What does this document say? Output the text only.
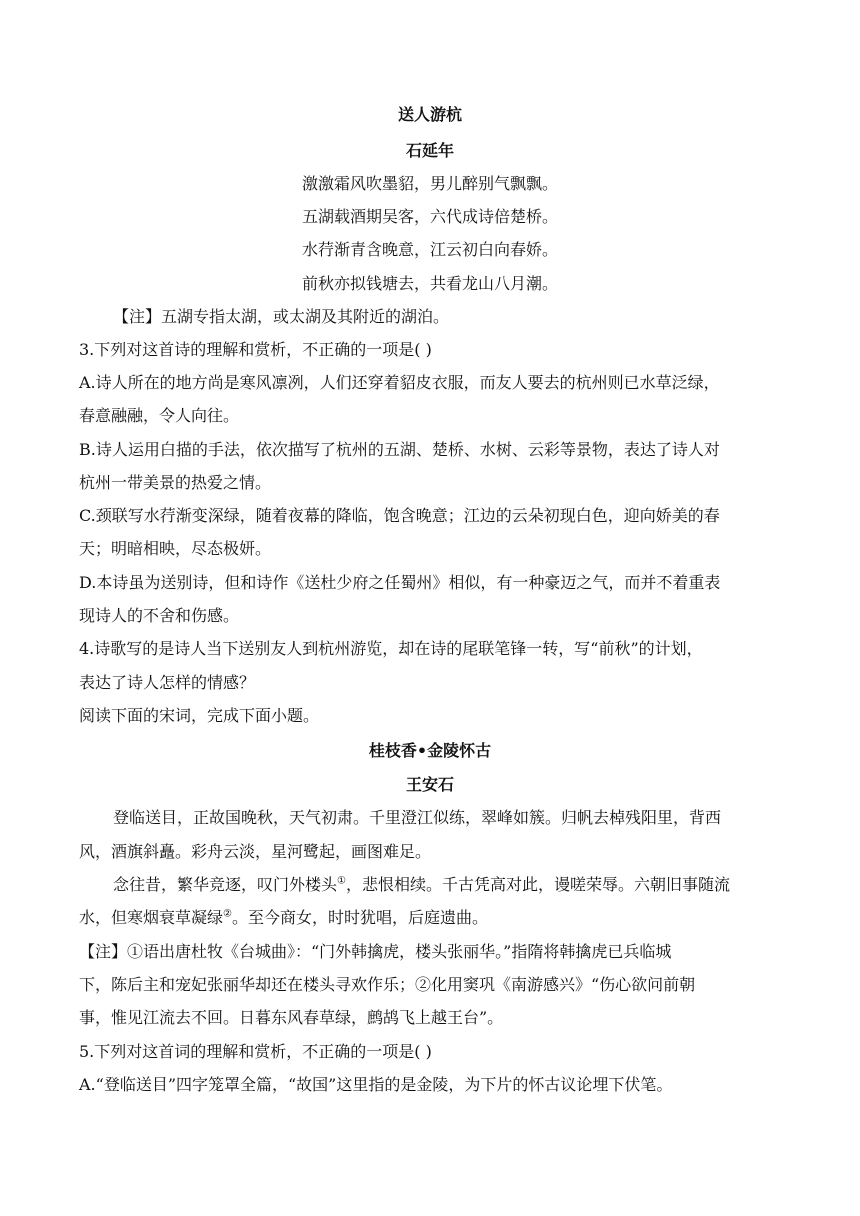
送人游杭
石延年
激激霜风吹墨貂，男儿醉别气飘飘。
五湖载酒期吴客，六代成诗倍楚桥。
水荇渐青含晚意，江云初白向春娇。
前秋亦拟钱塘去，共看龙山八月潮。
【注】五湖专指太湖，或太湖及其附近的湖泊。
3.下列对这首诗的理解和赏析，不正确的一项是( )
A.诗人所在的地方尚是寒风凛冽，人们还穿着貂皮衣服，而友人要去的杭州则已水草泛绿，
春意融融，令人向往。
B.诗人运用白描的手法，依次描写了杭州的五湖、楚桥、水树、云彩等景物，表达了诗人对
杭州一带美景的热爱之情。
C.颈联写水荇渐变深绿，随着夜幕的降临，饱含晚意；江边的云朵初现白色，迎向娇美的春
天；明暗相映，尽态极妍。
D.本诗虽为送别诗，但和诗作《送杜少府之任蜀州》相似，有一种豪迈之气，而并不着重表
现诗人的不舍和伤感。
4.诗歌写的是诗人当下送别友人到杭州游览，却在诗的尾联笔锋一转，写“前秋”的计划，
表达了诗人怎样的情感？
阅读下面的宋词，完成下面小题。
桂枝香•金陵怀古
王安石
登临送目，正故国晚秋，天气初肃。千里澄江似练，翠峰如簇。归帆去棹残阳里，背西
风，酒旗斜矗。彩舟云淡，星河鹭起，画图难足。
念往昔，繁华竞逐，叹门外楼头①，悲恨相续。千古凭高对此，谩嗟荣辱。六朝旧事随流
水，但寒烟衰草凝绿②。至今商女，时时犹唱，后庭遗曲。
【注】①语出唐杜牧《台城曲》：“门外韩擒虎，楼头张丽华。”指隋将韩擒虎已兵临城
下，陈后主和宠妃张丽华却还在楼头寻欢作乐；②化用窦巩《南游感兴》“伤心欲问前朝
事，惟见江流去不回。日暮东风春草绿，鹧鸪飞上越王台”。
5.下列对这首词的理解和赏析，不正确的一项是( )
A.“登临送目”四字笼罩全篇，“故国”这里指的是金陵，为下片的怀古议论埋下伏笔。
